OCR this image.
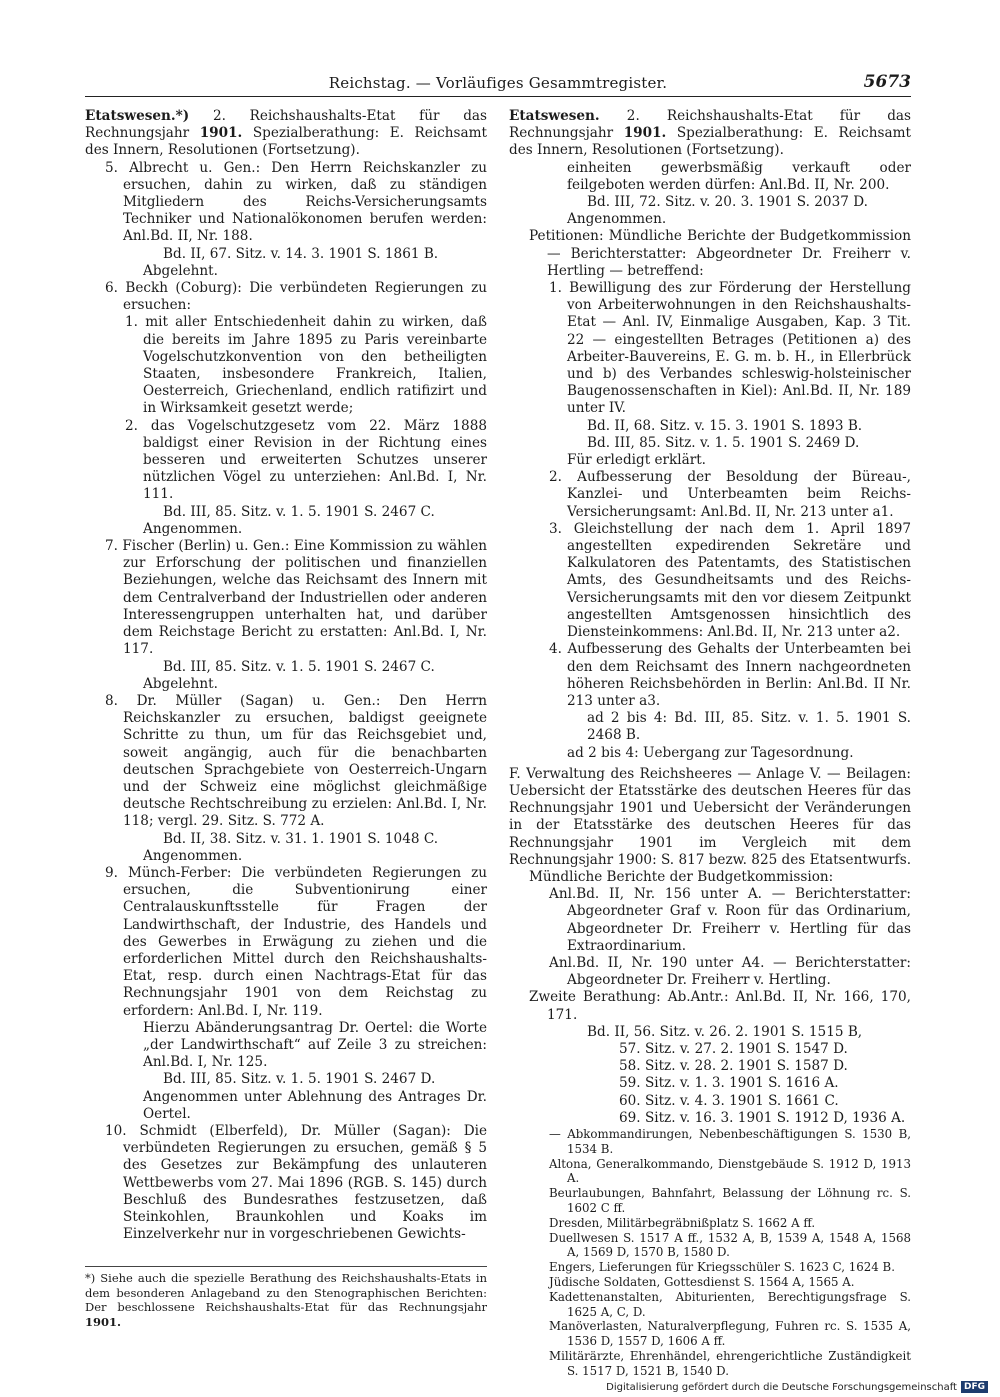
Reichstag. — Vorläufiges Gesammtregister.	5673

Etatswesen.*) 2. Reichshaushalts-Etat für das Rechnungsjahr 1901. Spezialberathung: E. Reichsamt des Innern, Resolutionen (Fortsetzung).

5. Albrecht u. Gen.: Den Herrn Reichskanzler zu ersuchen, dahin zu wirken, daß zu ständigen Mitgliedern des Reichs-Versicherungsamts Techniker und Nationalökonomen berufen werden: Anl.Bd. II, Nr. 188.

Bd. II, 67. Sitz. v. 14. 3. 1901 S. 1861 B.

Abgelehnt.

6. Beckh (Coburg): Die verbündeten Regierungen zu ersuchen:

1. mit aller Entschiedenheit dahin zu wirken, daß die bereits im Jahre 1895 zu Paris vereinbarte Vogelschutzkonvention von den betheiligten Staaten, insbesondere Frankreich, Italien, Oesterreich, Griechenland, endlich ratifizirt und in Wirksamkeit gesetzt werde;

2. das Vogelschutzgesetz vom 22. März 1888 baldigst einer Revision in der Richtung eines besseren und erweiterten Schutzes unserer nützlichen Vögel zu unterziehen: Anl.Bd. I, Nr. 111.

Bd. III, 85. Sitz. v. 1. 5. 1901 S. 2467 C.

Angenommen.

7. Fischer (Berlin) u. Gen.: Eine Kommission zu wählen zur Erforschung der politischen und finanziellen Beziehungen, welche das Reichsamt des Innern mit dem Centralverband der Industriellen oder anderen Interessengruppen unterhalten hat, und darüber dem Reichstage Bericht zu erstatten: Anl.Bd. I, Nr. 117.

Bd. III, 85. Sitz. v. 1. 5. 1901 S. 2467 C.

Abgelehnt.

8. Dr. Müller (Sagan) u. Gen.: Den Herrn Reichskanzler zu ersuchen, baldigst geeignete Schritte zu thun, um für das Reichsgebiet und, soweit angängig, auch für die benachbarten deutschen Sprachgebiete von Oesterreich-Ungarn und der Schweiz eine möglichst gleichmäßige deutsche Rechtschreibung zu erzielen: Anl.Bd. I, Nr. 118; vergl. 29. Sitz. S. 772 A.

Bd. II, 38. Sitz. v. 31. 1. 1901 S. 1048 C.

Angenommen.

9. Münch-Ferber: Die verbündeten Regierungen zu ersuchen, die Subventionirung einer Centralauskunftsstelle für Fragen der Landwirthschaft, der Industrie, des Handels und des Gewerbes in Erwägung zu ziehen und die erforderlichen Mittel durch den Reichshaushalts-Etat, resp. durch einen Nachtrags-Etat für das Rechnungsjahr 1901 von dem Reichstag zu erfordern: Anl.Bd. I, Nr. 119.

Hierzu Abänderungsantrag Dr. Oertel: die Worte „der Landwirthschaft“ auf Zeile 3 zu streichen: Anl.Bd. I, Nr. 125.

Bd. III, 85. Sitz. v. 1. 5. 1901 S. 2467 D.

Angenommen unter Ablehnung des Antrages Dr. Oertel.

10. Schmidt (Elberfeld), Dr. Müller (Sagan): Die verbündeten Regierungen zu ersuchen, gemäß § 5 des Gesetzes zur Bekämpfung des unlauteren Wettbewerbs vom 27. Mai 1896 (RGB. S. 145) durch Beschluß des Bundesrathes festzusetzen, daß Steinkohlen, Braunkohlen und Koaks im Einzelverkehr nur in vorgeschriebenen Gewichts-

Etatswesen. 2. Reichshaushalts-Etat für das Rechnungsjahr 1901. Spezialberathung: E. Reichsamt des Innern, Resolutionen (Fortsetzung).

einheiten gewerbsmäßig verkauft oder feilgeboten werden dürfen: Anl.Bd. II, Nr. 200.

Bd. III, 72. Sitz. v. 20. 3. 1901 S. 2037 D.

Angenommen.

Petitionen: Mündliche Berichte der Budgetkommission — Berichterstatter: Abgeordneter Dr. Freiherr v. Hertling — betreffend:

1. Bewilligung des zur Förderung der Herstellung von Arbeiterwohnungen in den Reichshaushalts-Etat — Anl. IV, Einmalige Ausgaben, Kap. 3 Tit. 22 — eingestellten Betrages (Petitionen a) des Arbeiter-Bauvereins, E. G. m. b. H., in Ellerbrück und b) des Verbandes schleswig-holsteinischer Baugenossenschaften in Kiel): Anl.Bd. II, Nr. 189 unter IV.

Bd. II, 68. Sitz. v. 15. 3. 1901 S. 1893 B.

Bd. III, 85. Sitz. v. 1. 5. 1901 S. 2469 D.

Für erledigt erklärt.

2. Aufbesserung der Besoldung der Büreau-, Kanzlei- und Unterbeamten beim Reichs-Versicherungsamt: Anl.Bd. II, Nr. 213 unter a1.

3. Gleichstellung der nach dem 1. April 1897 angestellten expedirenden Sekretäre und Kalkulatoren des Patentamts, des Statistischen Amts, des Gesundheitsamts und des Reichs-Versicherungsamts mit den vor diesem Zeitpunkt angestellten Amtsgenossen hinsichtlich des Diensteinkommens: Anl.Bd. II, Nr. 213 unter a2.

4. Aufbesserung des Gehalts der Unterbeamten bei den dem Reichsamt des Innern nachgeordneten höheren Reichsbehörden in Berlin: Anl.Bd. II Nr. 213 unter a3.

ad 2 bis 4: Bd. III, 85. Sitz. v. 1. 5. 1901 S. 2468 B.

ad 2 bis 4: Uebergang zur Tagesordnung.

F. Verwaltung des Reichsheeres — Anlage V. — Beilagen: Uebersicht der Etatsstärke des deutschen Heeres für das Rechnungsjahr 1901 und Uebersicht der Veränderungen in der Etatsstärke des deutschen Heeres für das Rechnungsjahr 1901 im Vergleich mit dem Rechnungsjahr 1900: S. 817 bezw. 825 des Etatsentwurfs.

Mündliche Berichte der Budgetkommission:

Anl.Bd. II, Nr. 156 unter A. — Berichterstatter: Abgeordneter Graf v. Roon für das Ordinarium, Abgeordneter Dr. Freiherr v. Hertling für das Extraordinarium.

Anl.Bd. II, Nr. 190 unter A4. — Berichterstatter: Abgeordneter Dr. Freiherr v. Hertling.

Zweite Berathung: Ab.Antr.: Anl.Bd. II, Nr. 166, 170, 171.

Bd. II, 56. Sitz. v. 26. 2. 1901 S. 1515 B,

57. Sitz. v. 27. 2. 1901 S. 1547 D.

58. Sitz. v. 28. 2. 1901 S. 1587 D.

59. Sitz. v. 1. 3. 1901 S. 1616 A.

60. Sitz. v. 4. 3. 1901 S. 1661 C.

69. Sitz. v. 16. 3. 1901 S. 1912 D, 1936 A.

— Abkommandirungen, Nebenbeschäftigungen S. 1530 B, 1534 B.

Altona, Generalkommando, Dienstgebäude S. 1912 D, 1913 A.

Beurlaubungen, Bahnfahrt, Belassung der Löhnung rc. S. 1602 C ff.

Dresden, Militärbegräbnißplatz S. 1662 A ff.

Duellwesen S. 1517 A ff., 1532 A, B, 1539 A, 1548 A, 1568 A, 1569 D, 1570 B, 1580 D.

Engers, Lieferungen für Kriegsschüler S. 1623 C, 1624 B.

Jüdische Soldaten, Gottesdienst S. 1564 A, 1565 A.

Kadettenanstalten, Abiturienten, Berechtigungsfrage S. 1625 A, C, D.

Manöverlasten, Naturalverpflegung, Fuhren rc. S. 1535 A, 1536 D, 1557 D, 1606 A ff.

Militärärzte, Ehrenhändel, ehrengerichtliche Zuständigkeit S. 1517 D, 1521 B, 1540 D.

*) Siehe auch die spezielle Berathung des Reichshaushalts-Etats in dem besonderen Anlageband zu den Stenographischen Berichten: Der beschlossene Reichshaushalts-Etat für das Rechnungsjahr 1901.
Digitalisierung gefördert durch die Deutsche Forschungsgemeinschaft DFG
